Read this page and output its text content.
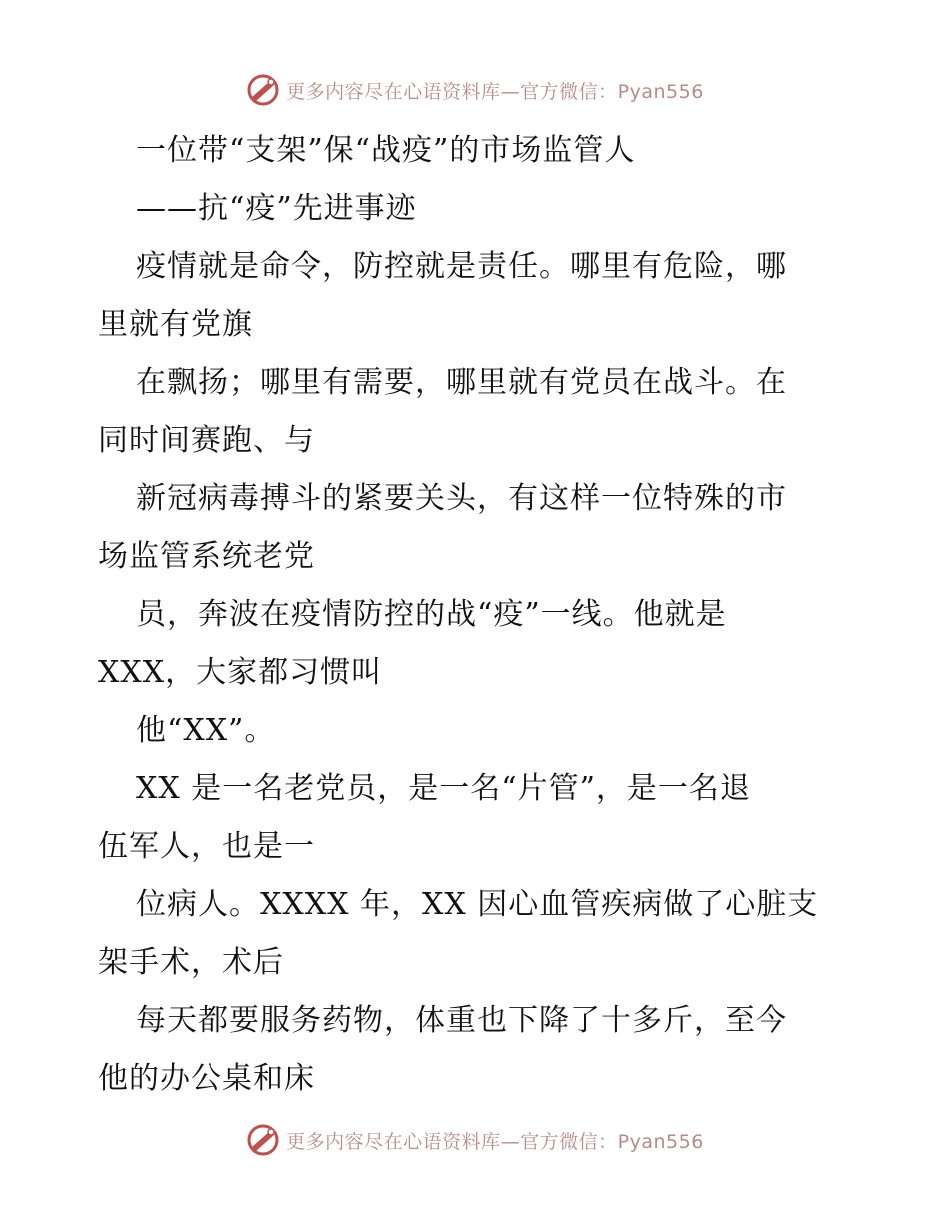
更多内容尽在心语资料库—官方微信：Pyan556
一位带“支架”保“战疫”的市场监管人
——抗“疫”先进事迹
疫情就是命令，防控就是责任。哪里有危险，哪
里就有党旗
在飘扬；哪里有需要，哪里就有党员在战斗。在
同时间赛跑、与
新冠病毒搏斗的紧要关头，有这样一位特殊的市
场监管系统老党
员，奔波在疫情防控的战“疫”一线。他就是
XXX，大家都习惯叫
他“XX”。
XX 是一名老党员，是一名“片管”，是一名退
伍军人，也是一
位病人。XXXX 年，XX 因心血管疾病做了心脏支
架手术，术后
每天都要服务药物，体重也下降了十多斤，至今
他的办公桌和床
更多内容尽在心语资料库—官方微信：Pyan556
